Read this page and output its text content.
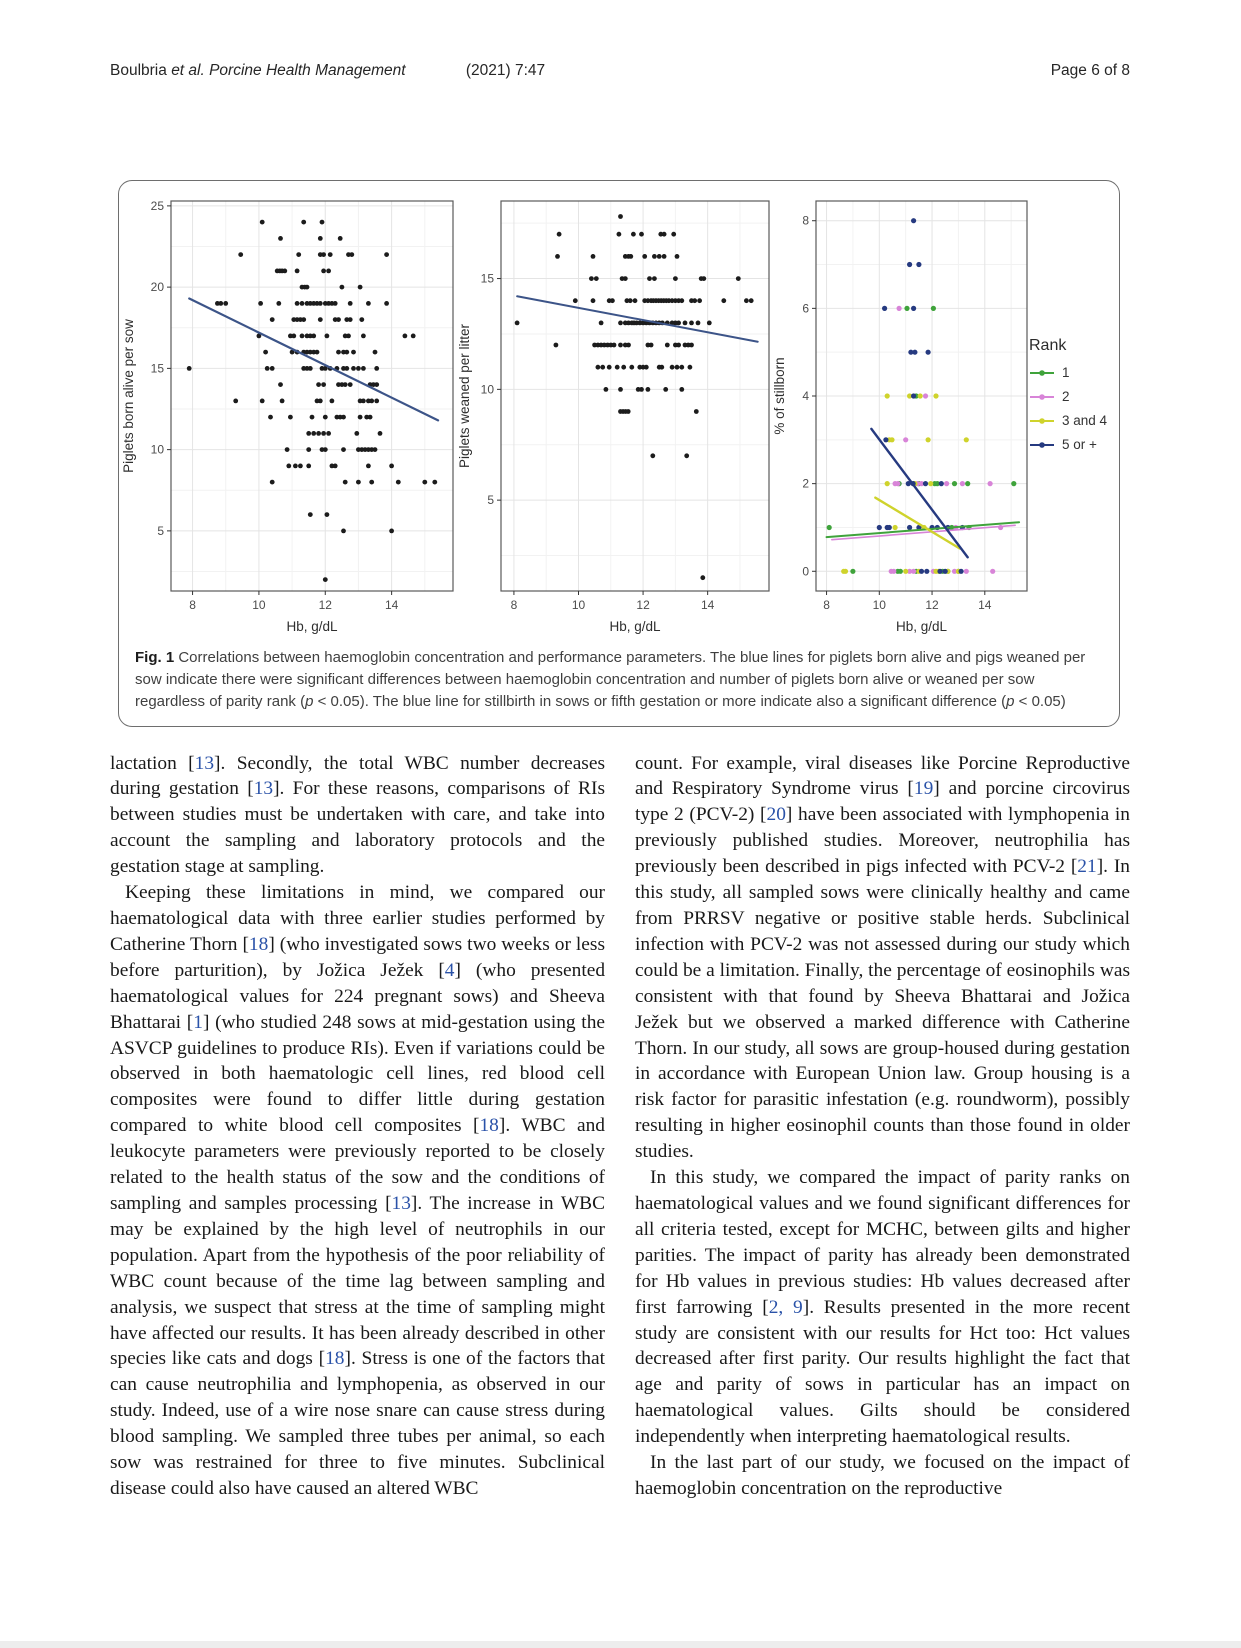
Boulbria et al. Porcine Health Management	(2021) 7:47	Page 6 of 8
8	10	12	14
5
10
15
20
25
Hb, g/dL
Piglets born alive per sow
8	10	12	14
5
10
15
Hb, g/dL
Piglets weaned per litter
8	10	12	14
0
2
4
6
8
Hb, g/dL
% of stillborn
Rank
1
2
3 and 4
5 or +
Fig. 1 Correlations between haemoglobin concentration and performance parameters. The blue lines for piglets born alive and pigs weaned per sow indicate there were significant differences between haemoglobin concentration and number of piglets born alive or weaned per sow regardless of parity rank (p < 0.05). The blue line for stillbirth in sows or fifth gestation or more indicate also a significant difference (p < 0.05)

lactation [13]. Secondly, the total WBC number decreases during gestation [13]. For these reasons, comparisons of RIs between studies must be undertaken with care, and take into account the sampling and laboratory protocols and the gestation stage at sampling.

Keeping these limitations in mind, we compared our haematological data with three earlier studies performed by Catherine Thorn [18] (who investigated sows two weeks or less before parturition), by Jožica Ježek [4] (who presented haematological values for 224 pregnant sows) and Sheeva Bhattarai [1] (who studied 248 sows at mid-gestation using the ASVCP guidelines to produce RIs). Even if variations could be observed in both haematologic cell lines, red blood cell composites were found to differ little during gestation compared to white blood cell composites [18]. WBC and leukocyte parameters were previously reported to be closely related to the health status of the sow and the conditions of sampling and samples processing [13]. The increase in WBC may be explained by the high level of neutrophils in our population. Apart from the hypothesis of the poor reliability of WBC count because of the time lag between sampling and analysis, we suspect that stress at the time of sampling might have affected our results. It has been already described in other species like cats and dogs [18]. Stress is one of the factors that can cause neutrophilia and lymphopenia, as observed in our study. Indeed, use of a wire nose snare can cause stress during blood sampling. We sampled three tubes per animal, so each sow was restrained for three to five minutes. Subclinical disease could also have caused an altered WBC

count. For example, viral diseases like Porcine Reproductive and Respiratory Syndrome virus [19] and porcine circovirus type 2 (PCV-2) [20] have been associated with lymphopenia in previously published studies. Moreover, neutrophilia has previously been described in pigs infected with PCV-2 [21]. In this study, all sampled sows were clinically healthy and came from PRRSV negative or positive stable herds. Subclinical infection with PCV-2 was not assessed during our study which could be a limitation. Finally, the percentage of eosinophils was consistent with that found by Sheeva Bhattarai and Jožica Ježek but we observed a marked difference with Catherine Thorn. In our study, all sows are group-housed during gestation in accordance with European Union law. Group housing is a risk factor for parasitic infestation (e.g. roundworm), possibly resulting in higher eosinophil counts than those found in older studies.

In this study, we compared the impact of parity ranks on haematological values and we found significant differences for all criteria tested, except for MCHC, between gilts and higher parities. The impact of parity has already been demonstrated for Hb values in previous studies: Hb values decreased after first farrowing [2, 9]. Results presented in the more recent study are consistent with our results for Hct too: Hct values decreased after first parity. Our results highlight the fact that age and parity of sows in particular has an impact on haematological values. Gilts should be considered independently when interpreting haematological results.

In the last part of our study, we focused on the impact of haemoglobin concentration on the reproductive
